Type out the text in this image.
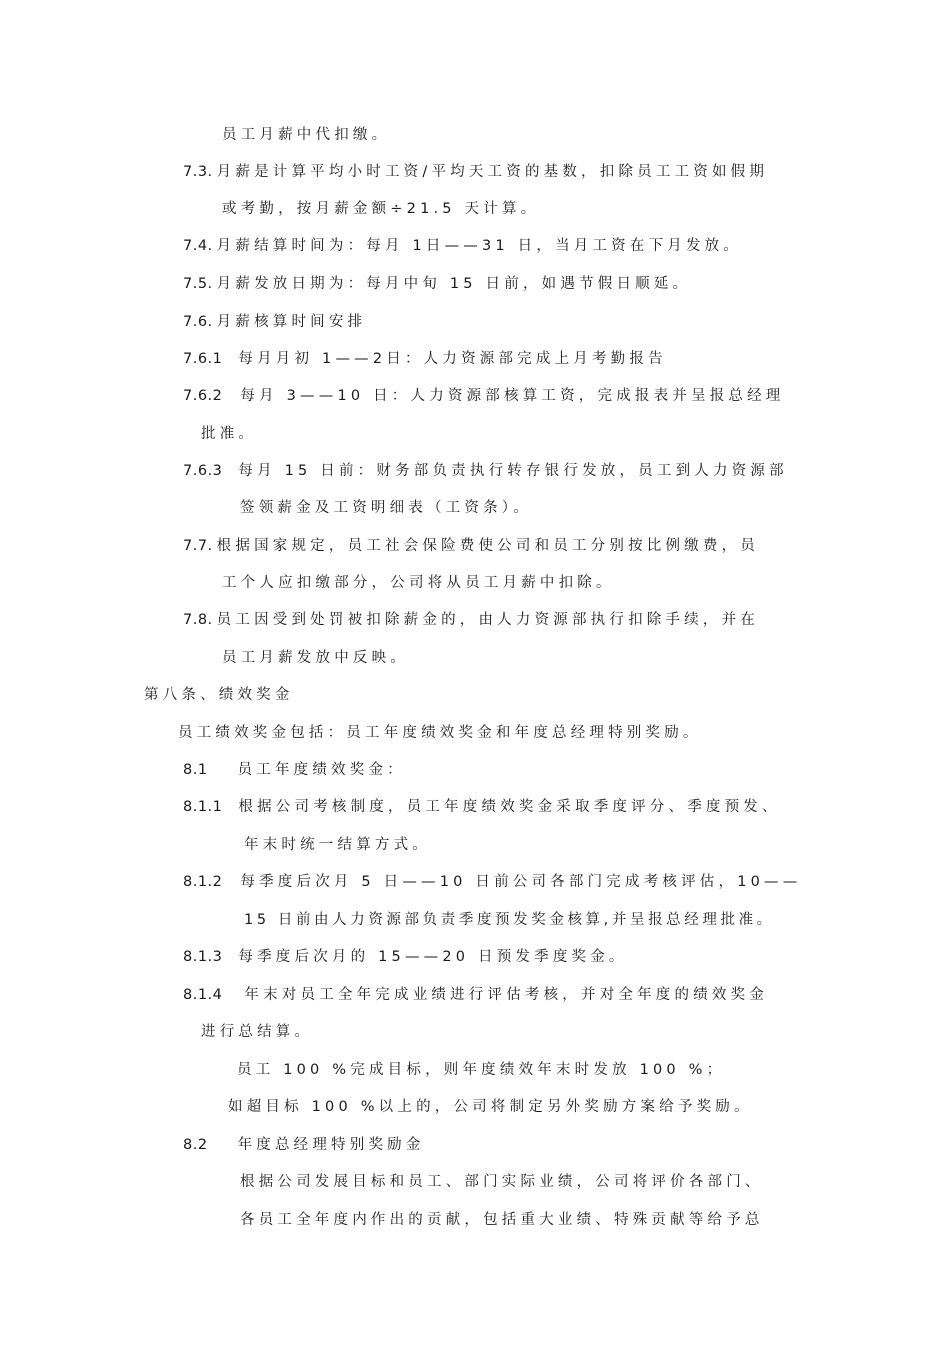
员工月薪中代扣缴。
7.3. 月薪是计算平均小时工资/平均天工资的基数，扣除员工工资如假期
或考勤，按月薪金额÷21.5 天计算。
7.4. 月薪结算时间为：每月 1日——31 日，当月工资在下月发放。
7.5. 月薪发放日期为：每月中旬 15 日前，如遇节假日顺延。
7.6. 月薪核算时间安排
7.6.1 每月月初 1——2日：人力资源部完成上月考勤报告
7.6.2 每月 3——10 日：人力资源部核算工资，完成报表并呈报总经理
批准。
7.6.3 每月 15 日前：财务部负责执行转存银行发放，员工到人力资源部
签领薪金及工资明细表（工资条）。
7.7. 根据国家规定，员工社会保险费使公司和员工分别按比例缴费，员
工个人应扣缴部分，公司将从员工月薪中扣除。
7.8. 员工因受到处罚被扣除薪金的，由人力资源部执行扣除手续，并在
员工月薪发放中反映。
第八条、绩效奖金
员工绩效奖金包括：员工年度绩效奖金和年度总经理特别奖励。
8.1 员工年度绩效奖金：
8.1.1 根据公司考核制度，员工年度绩效奖金采取季度评分、季度预发、
年末时统一结算方式。
8.1.2 每季度后次月 5 日——10 日前公司各部门完成考核评估，10——
15 日前由人力资源部负责季度预发奖金核算,并呈报总经理批准。
8.1.3 每季度后次月的 15——20 日预发季度奖金。
8.1.4 年末对员工全年完成业绩进行评估考核，并对全年度的绩效奖金
进行总结算。
员工 100 %完成目标，则年度绩效年末时发放 100 %；
如超目标 100 %以上的，公司将制定另外奖励方案给予奖励。
8.2 年度总经理特别奖励金
根据公司发展目标和员工、部门实际业绩，公司将评价各部门、
各员工全年度内作出的贡献，包括重大业绩、特殊贡献等给予总
